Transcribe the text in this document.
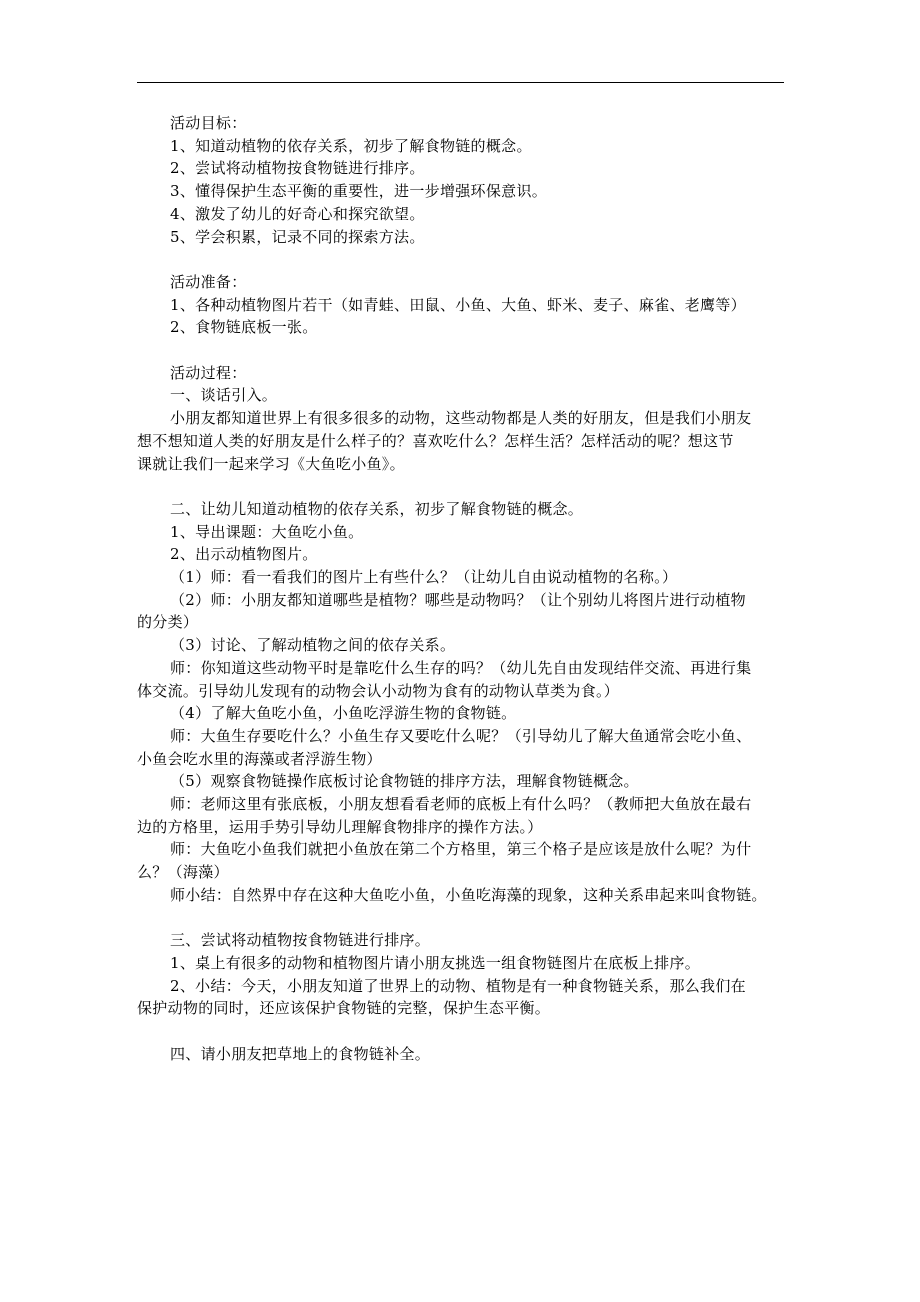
活动目标：
1、知道动植物的依存关系，初步了解食物链的概念。
2、尝试将动植物按食物链进行排序。
3、懂得保护生态平衡的重要性，进一步增强环保意识。
4、激发了幼儿的好奇心和探究欲望。
5、学会积累，记录不同的探索方法。
活动准备：
1、各种动植物图片若干（如青蛙、田鼠、小鱼、大鱼、虾米、麦子、麻雀、老鹰等）
2、食物链底板一张。
活动过程：
一、谈话引入。
小朋友都知道世界上有很多很多的动物，这些动物都是人类的好朋友，但是我们小朋友
想不想知道人类的好朋友是什么样子的？喜欢吃什么？怎样生活？怎样活动的呢？想这节
课就让我们一起来学习《大鱼吃小鱼》。
二、让幼儿知道动植物的依存关系，初步了解食物链的概念。
1、导出课题：大鱼吃小鱼。
2、出示动植物图片。
（1）师：看一看我们的图片上有些什么？（让幼儿自由说动植物的名称。）
（2）师：小朋友都知道哪些是植物？哪些是动物吗？（让个别幼儿将图片进行动植物
的分类）
（3）讨论、了解动植物之间的依存关系。
师：你知道这些动物平时是靠吃什么生存的吗？（幼儿先自由发现结伴交流、再进行集
体交流。引导幼儿发现有的动物会认小动物为食有的动物认草类为食。）
（4）了解大鱼吃小鱼，小鱼吃浮游生物的食物链。
师：大鱼生存要吃什么？小鱼生存又要吃什么呢？（引导幼儿了解大鱼通常会吃小鱼、
小鱼会吃水里的海藻或者浮游生物）
（5）观察食物链操作底板讨论食物链的排序方法，理解食物链概念。
师：老师这里有张底板，小朋友想看看老师的底板上有什么吗？（教师把大鱼放在最右
边的方格里，运用手势引导幼儿理解食物排序的操作方法。）
师：大鱼吃小鱼我们就把小鱼放在第二个方格里，第三个格子是应该是放什么呢？为什
么？（海藻）
师小结：自然界中存在这种大鱼吃小鱼，小鱼吃海藻的现象，这种关系串起来叫食物链。
三、尝试将动植物按食物链进行排序。
1、桌上有很多的动物和植物图片请小朋友挑选一组食物链图片在底板上排序。
2、小结：今天，小朋友知道了世界上的动物、植物是有一种食物链关系，那么我们在
保护动物的同时，还应该保护食物链的完整，保护生态平衡。
四、请小朋友把草地上的食物链补全。
